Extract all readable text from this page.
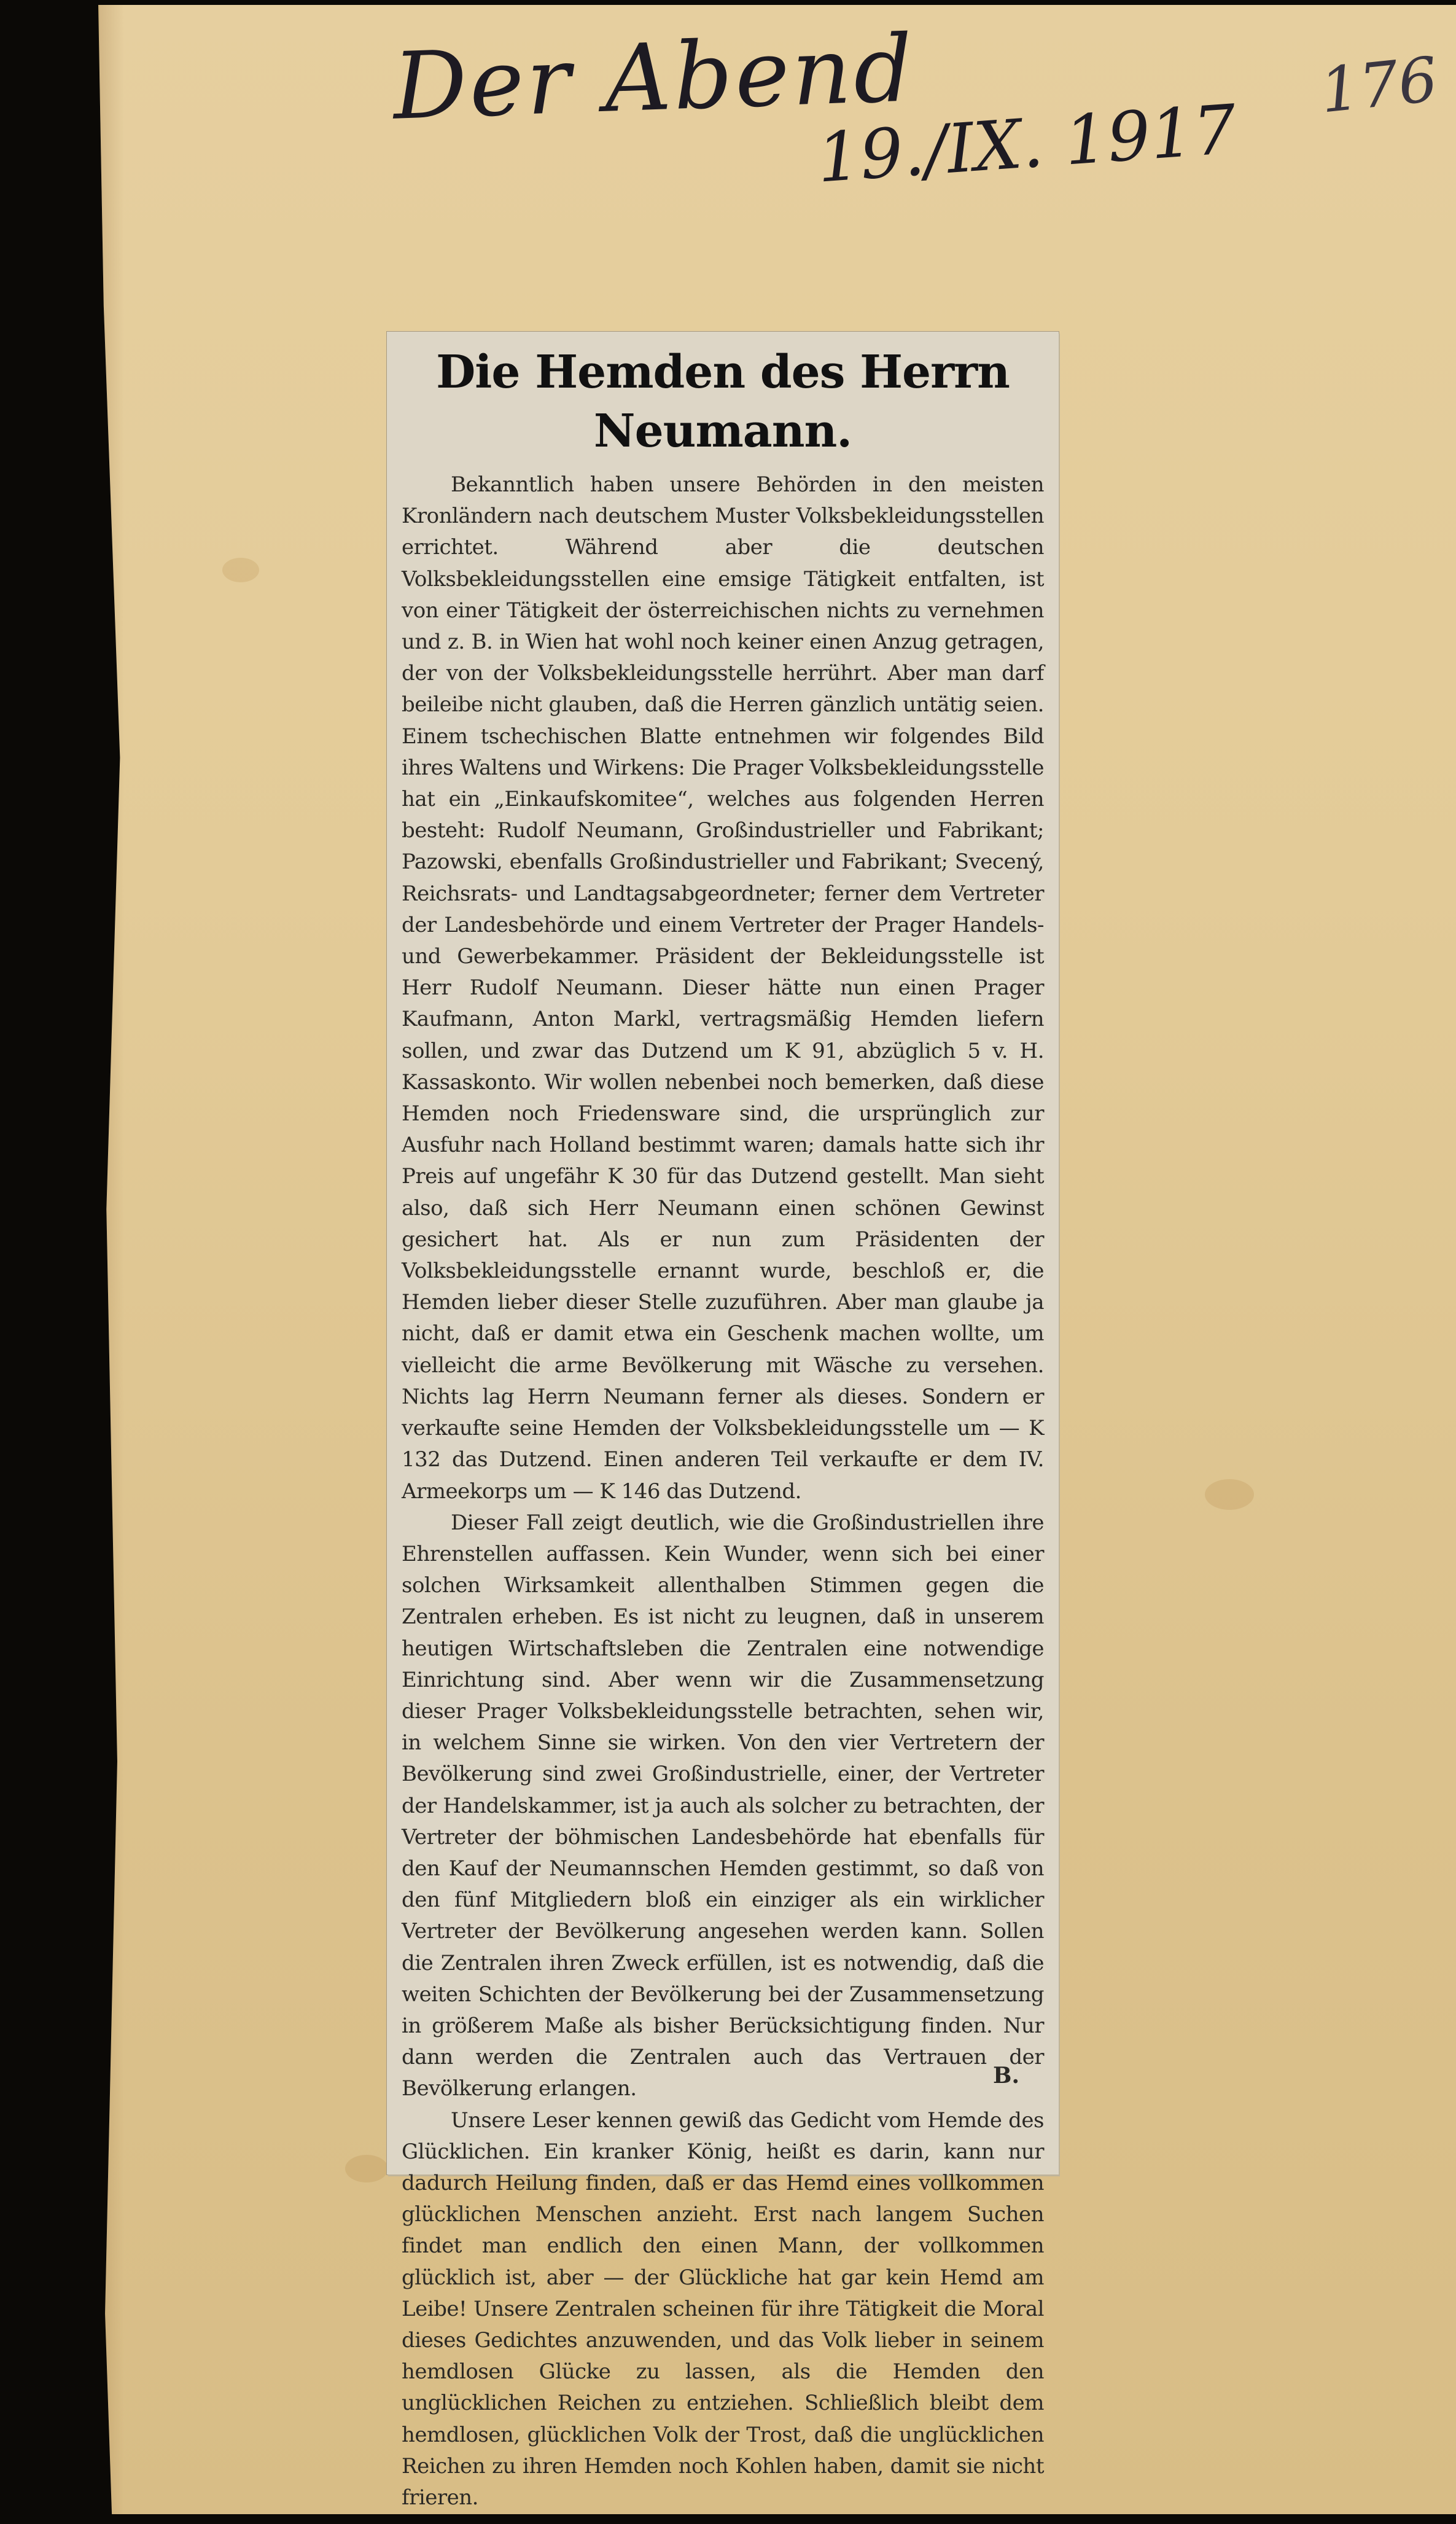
Der Abend
19./IX. 1917
176
Die Hemden des Herrn Neumann.

Bekanntlich haben unsere Behörden in den meisten Kronländern nach deutschem Muster Volksbekleidungsstellen errichtet. Während aber die deutschen Volksbekleidungsstellen eine emsige Tätigkeit entfalten, ist von einer Tätigkeit der österreichischen nichts zu vernehmen und z. B. in Wien hat wohl noch keiner einen Anzug getragen, der von der Volksbekleidungsstelle herrührt. Aber man darf beileibe nicht glauben, daß die Herren gänzlich untätig seien. Einem tschechischen Blatte entnehmen wir folgendes Bild ihres Waltens und Wirkens: Die Prager Volksbekleidungsstelle hat ein „Einkaufskomitee“, welches aus folgenden Herren besteht: Rudolf Neumann, Großindustrieller und Fabrikant; Pazowski, ebenfalls Großindustrieller und Fabrikant; Svecený, Reichsrats- und Landtagsabgeordneter; ferner dem Vertreter der Landesbehörde und einem Vertreter der Prager Handels- und Gewerbekammer. Präsident der Bekleidungsstelle ist Herr Rudolf Neumann. Dieser hätte nun einen Prager Kaufmann, Anton Markl, vertragsmäßig Hemden liefern sollen, und zwar das Dutzend um K 91, abzüglich 5 v. H. Kassaskonto. Wir wollen nebenbei noch bemerken, daß diese Hemden noch Friedensware sind, die ursprünglich zur Ausfuhr nach Holland bestimmt waren; damals hatte sich ihr Preis auf ungefähr K 30 für das Dutzend gestellt. Man sieht also, daß sich Herr Neumann einen schönen Gewinst gesichert hat. Als er nun zum Präsidenten der Volksbekleidungsstelle ernannt wurde, beschloß er, die Hemden lieber dieser Stelle zuzuführen. Aber man glaube ja nicht, daß er damit etwa ein Geschenk machen wollte, um vielleicht die arme Bevölkerung mit Wäsche zu versehen. Nichts lag Herrn Neumann ferner als dieses. Sondern er verkaufte seine Hemden der Volksbekleidungsstelle um — K 132 das Dutzend. Einen anderen Teil verkaufte er dem IV. Armeekorps um — K 146 das Dutzend.

Dieser Fall zeigt deutlich, wie die Großindustriellen ihre Ehrenstellen auffassen. Kein Wunder, wenn sich bei einer solchen Wirksamkeit allenthalben Stimmen gegen die Zentralen erheben. Es ist nicht zu leugnen, daß in unserem heutigen Wirtschaftsleben die Zentralen eine notwendige Einrichtung sind. Aber wenn wir die Zusammensetzung dieser Prager Volksbekleidungsstelle betrachten, sehen wir, in welchem Sinne sie wirken. Von den vier Vertretern der Bevölkerung sind zwei Großindustrielle, einer, der Vertreter der Handelskammer, ist ja auch als solcher zu betrachten, der Vertreter der böhmischen Landesbehörde hat ebenfalls für den Kauf der Neumannschen Hemden gestimmt, so daß von den fünf Mitgliedern bloß ein einziger als ein wirklicher Vertreter der Bevölkerung angesehen werden kann. Sollen die Zentralen ihren Zweck erfüllen, ist es notwendig, daß die weiten Schichten der Bevölkerung bei der Zusammensetzung in größerem Maße als bisher Berücksichtigung finden. Nur dann werden die Zentralen auch das Vertrauen der Bevölkerung erlangen.

Unsere Leser kennen gewiß das Gedicht vom Hemde des Glücklichen. Ein kranker König, heißt es darin, kann nur dadurch Heilung finden, daß er das Hemd eines vollkommen glücklichen Menschen anzieht. Erst nach langem Suchen findet man endlich den einen Mann, der vollkommen glücklich ist, aber — der Glückliche hat gar kein Hemd am Leibe! Unsere Zentralen scheinen für ihre Tätigkeit die Moral dieses Gedichtes anzuwenden, und das Volk lieber in seinem hemdlosen Glücke zu lassen, als die Hemden den unglücklichen Reichen zu entziehen. Schließlich bleibt dem hemdlosen, glücklichen Volk der Trost, daß die unglücklichen Reichen zu ihren Hemden noch Kohlen haben, damit sie nicht frieren.

B.
